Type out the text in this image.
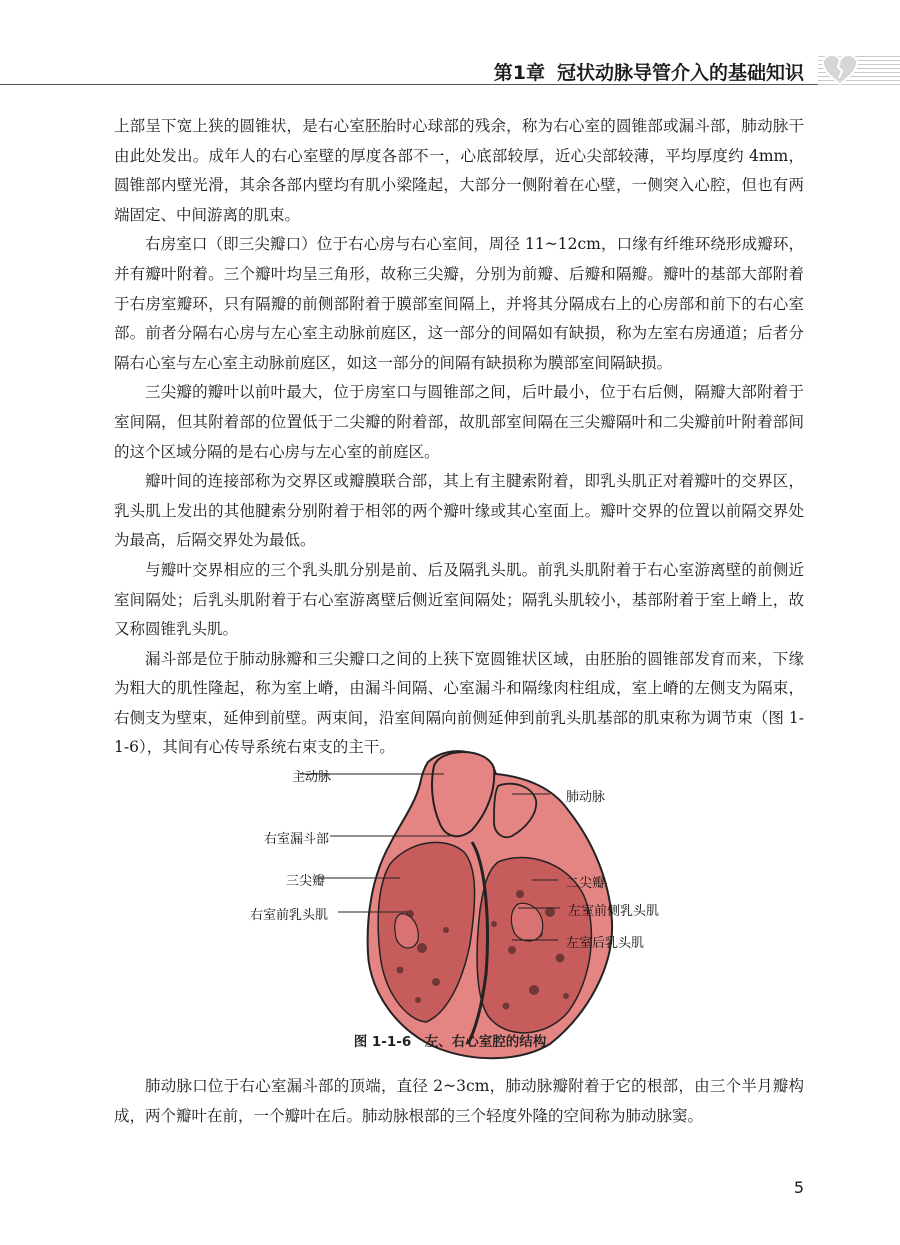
第1章 冠状动脉导管介入的基础知识

上部呈下宽上狭的圆锥状，是右心室胚胎时心球部的残余，称为右心室的圆锥部或漏斗部，肺动脉干由此处发出。成年人的右心室壁的厚度各部不一，心底部较厚，近心尖部较薄，平均厚度约 4mm，圆锥部内壁光滑，其余各部内壁均有肌小梁隆起，大部分一侧附着在心壁，一侧突入心腔，但也有两端固定、中间游离的肌束。

右房室口（即三尖瓣口）位于右心房与右心室间，周径 11~12cm，口缘有纤维环绕形成瓣环，并有瓣叶附着。三个瓣叶均呈三角形，故称三尖瓣，分别为前瓣、后瓣和隔瓣。瓣叶的基部大部附着于右房室瓣环，只有隔瓣的前侧部附着于膜部室间隔上，并将其分隔成右上的心房部和前下的右心室部。前者分隔右心房与左心室主动脉前庭区，这一部分的间隔如有缺损，称为左室右房通道；后者分隔右心室与左心室主动脉前庭区，如这一部分的间隔有缺损称为膜部室间隔缺损。

三尖瓣的瓣叶以前叶最大，位于房室口与圆锥部之间，后叶最小，位于右后侧，隔瓣大部附着于室间隔，但其附着部的位置低于二尖瓣的附着部，故肌部室间隔在三尖瓣隔叶和二尖瓣前叶附着部间的这个区域分隔的是右心房与左心室的前庭区。

瓣叶间的连接部称为交界区或瓣膜联合部，其上有主腱索附着，即乳头肌正对着瓣叶的交界区，乳头肌上发出的其他腱索分别附着于相邻的两个瓣叶缘或其心室面上。瓣叶交界的位置以前隔交界处为最高，后隔交界处为最低。

与瓣叶交界相应的三个乳头肌分别是前、后及隔乳头肌。前乳头肌附着于右心室游离壁的前侧近室间隔处；后乳头肌附着于右心室游离壁后侧近室间隔处；隔乳头肌较小，基部附着于室上嵴上，故又称圆锥乳头肌。

漏斗部是位于肺动脉瓣和三尖瓣口之间的上狭下宽圆锥状区域，由胚胎的圆锥部发育而来，下缘为粗大的肌性隆起，称为室上嵴，由漏斗间隔、心室漏斗和隔缘肉柱组成，室上嵴的左侧支为隔束，右侧支为壁束，延伸到前壁。两束间，沿室间隔向前侧延伸到前乳头肌基部的肌束称为调节束（图 1-1-6），其间有心传导系统右束支的主干。

主动脉
肺动脉
右室漏斗部
三尖瓣	二尖瓣
右室前乳头肌	左室前侧乳头肌
左室后乳头肌
图 1-1-6　左、右心室腔的结构

肺动脉口位于右心室漏斗部的顶端，直径 2~3cm，肺动脉瓣附着于它的根部，由三个半月瓣构成，两个瓣叶在前，一个瓣叶在后。肺动脉根部的三个轻度外隆的空间称为肺动脉窦。

5
